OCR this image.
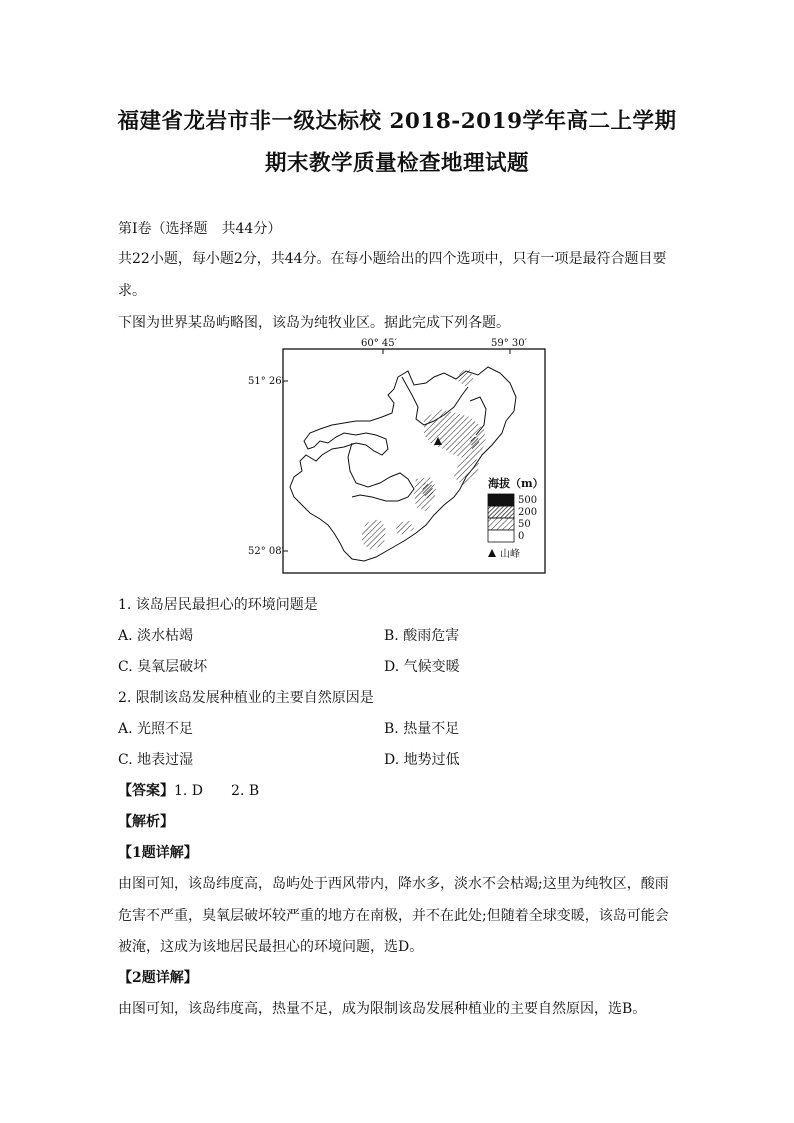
福建省龙岩市非一级达标校 2018-2019学年高二上学期
期末教学质量检查地理试题
第Ⅰ卷（选择题　共44分）
共22小题，每小题2分，共44分。在每小题给出的四个选项中，只有一项是最符合题目要
求。
下图为世界某岛屿略图，该岛为纯牧业区。据此完成下列各题。
60° 45′	59° 30′
51° 26′
52° 08′
海拔（m）
500
200
50
0
山峰
1. 该岛居民最担心的环境问题是
A. 淡水枯竭	B. 酸雨危害
C. 臭氧层破坏	D. 气候变暖
2. 限制该岛发展种植业的主要自然原因是
A. 光照不足	B. 热量不足
C. 地表过湿	D. 地势过低
【答案】1. D　　2. B
【解析】
【1题详解】
由图可知，该岛纬度高，岛屿处于西风带内，降水多，淡水不会枯竭;这里为纯牧区，酸雨
危害不严重，臭氧层破坏较严重的地方在南极，并不在此处;但随着全球变暖，该岛可能会
被淹，这成为该地居民最担心的环境问题，选D。
【2题详解】
由图可知，该岛纬度高，热量不足，成为限制该岛发展种植业的主要自然原因，选B。
